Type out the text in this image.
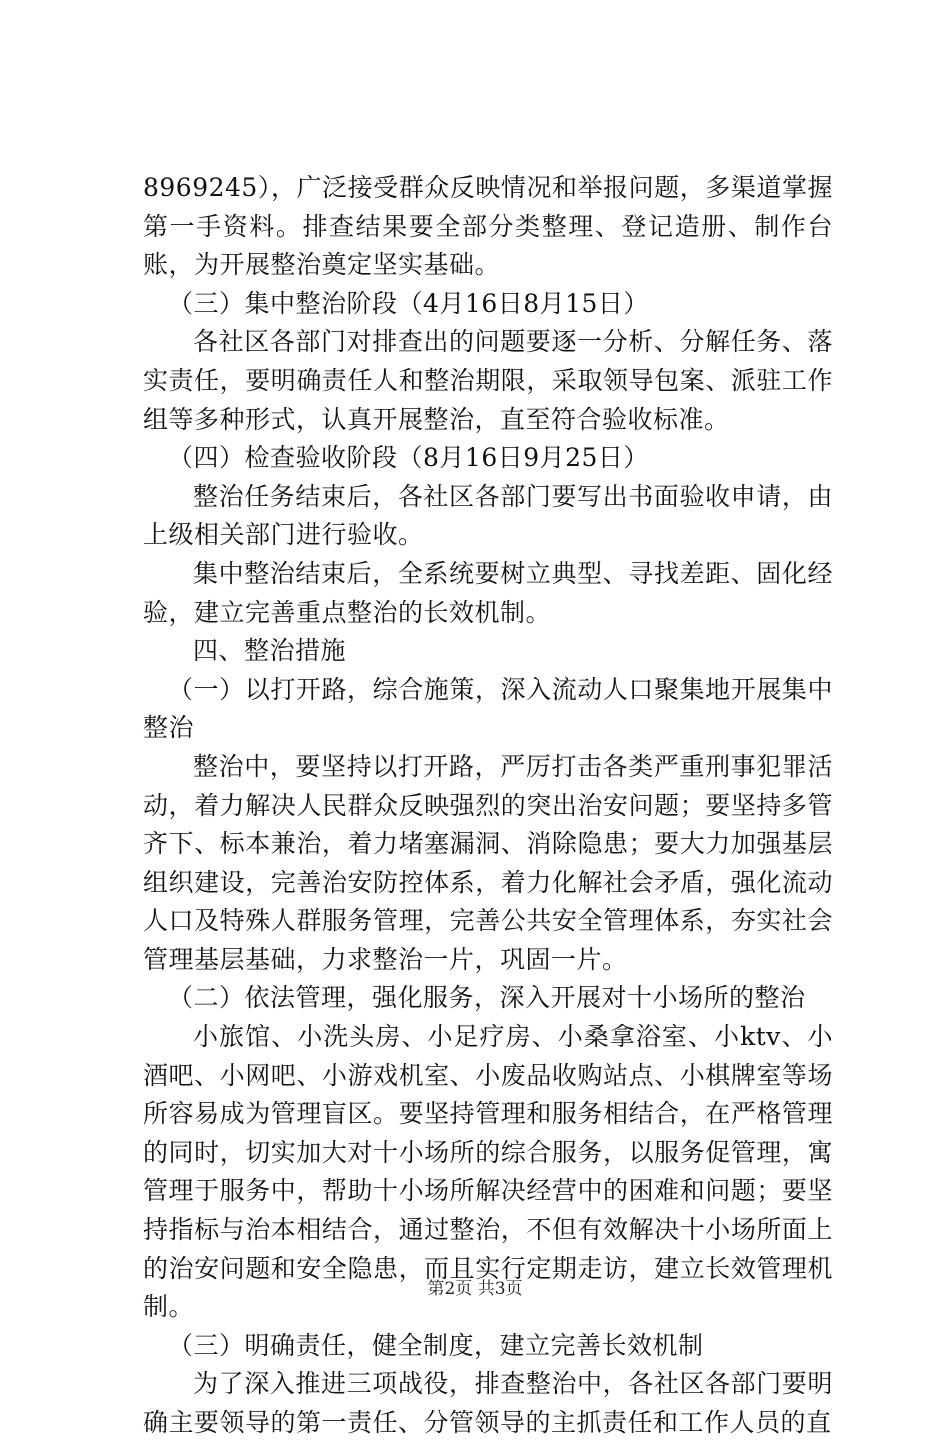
8969245），广泛接受群众反映情况和举报问题，多渠道掌握第一手资料。排查结果要全部分类整理、登记造册、制作台账，为开展整治奠定坚实基础。

（三）集中整治阶段（4月16日8月15日）

各社区各部门对排查出的问题要逐一分析、分解任务、落实责任，要明确责任人和整治期限，采取领导包案、派驻工作组等多种形式，认真开展整治，直至符合验收标准。

（四）检查验收阶段（8月16日9月25日）

整治任务结束后，各社区各部门要写出书面验收申请，由上级相关部门进行验收。

集中整治结束后，全系统要树立典型、寻找差距、固化经验，建立完善重点整治的长效机制。

四、整治措施

（一）以打开路，综合施策，深入流动人口聚集地开展集中整治

整治中，要坚持以打开路，严厉打击各类严重刑事犯罪活动，着力解决人民群众反映强烈的突出治安问题；要坚持多管齐下、标本兼治，着力堵塞漏洞、消除隐患；要大力加强基层组织建设，完善治安防控体系，着力化解社会矛盾，强化流动人口及特殊人群服务管理，完善公共安全管理体系，夯实社会管理基层基础，力求整治一片，巩固一片。

（二）依法管理，强化服务，深入开展对十小场所的整治

小旅馆、小洗头房、小足疗房、小桑拿浴室、小ktv、小酒吧、小网吧、小游戏机室、小废品收购站点、小棋牌室等场所容易成为管理盲区。要坚持管理和服务相结合，在严格管理的同时，切实加大对十小场所的综合服务，以服务促管理，寓管理于服务中，帮助十小场所解决经营中的困难和问题；要坚持指标与治本相结合，通过整治，不但有效解决十小场所面上的治安问题和安全隐患，而且实行定期走访，建立长效管理机制。

（三）明确责任，健全制度，建立完善长效机制

为了深入推进三项战役，排查整治中，各社区各部门要明确主要领导的第一责任、分管领导的主抓责任和工作人员的直

第2页 共3页
